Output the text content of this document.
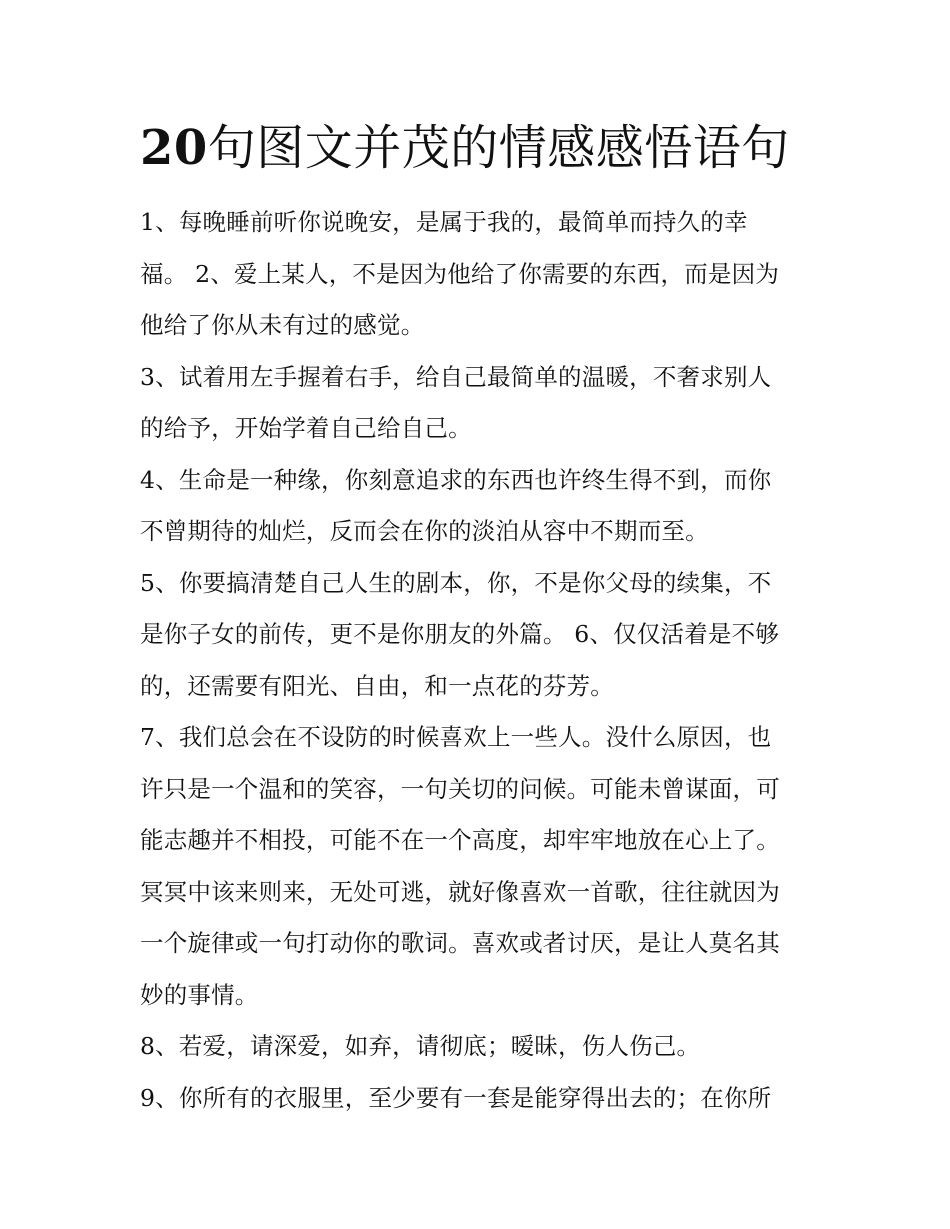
20句图文并茂的情感感悟语句

1、每晚睡前听你说晚安，是属于我的，最简单而持久的幸
福。 2、爱上某人，不是因为他给了你需要的东西，而是因为
他给了你从未有过的感觉。

3、试着用左手握着右手，给自己最简单的温暖，不奢求别人
的给予，开始学着自己给自己。

4、生命是一种缘，你刻意追求的东西也许终生得不到，而你
不曾期待的灿烂，反而会在你的淡泊从容中不期而至。

5、你要搞清楚自己人生的剧本，你，不是你父母的续集，不
是你子女的前传，更不是你朋友的外篇。 6、仅仅活着是不够
的，还需要有阳光、自由，和一点花的芬芳。

7、我们总会在不设防的时候喜欢上一些人。没什么原因，也
许只是一个温和的笑容，一句关切的问候。可能未曾谋面，可
能志趣并不相投，可能不在一个高度，却牢牢地放在心上了。
冥冥中该来则来，无处可逃，就好像喜欢一首歌，往往就因为
一个旋律或一句打动你的歌词。喜欢或者讨厌，是让人莫名其
妙的事情。

8、若爱，请深爱，如弃，请彻底；暧昧，伤人伤己。

9、你所有的衣服里，至少要有一套是能穿得出去的；在你所
